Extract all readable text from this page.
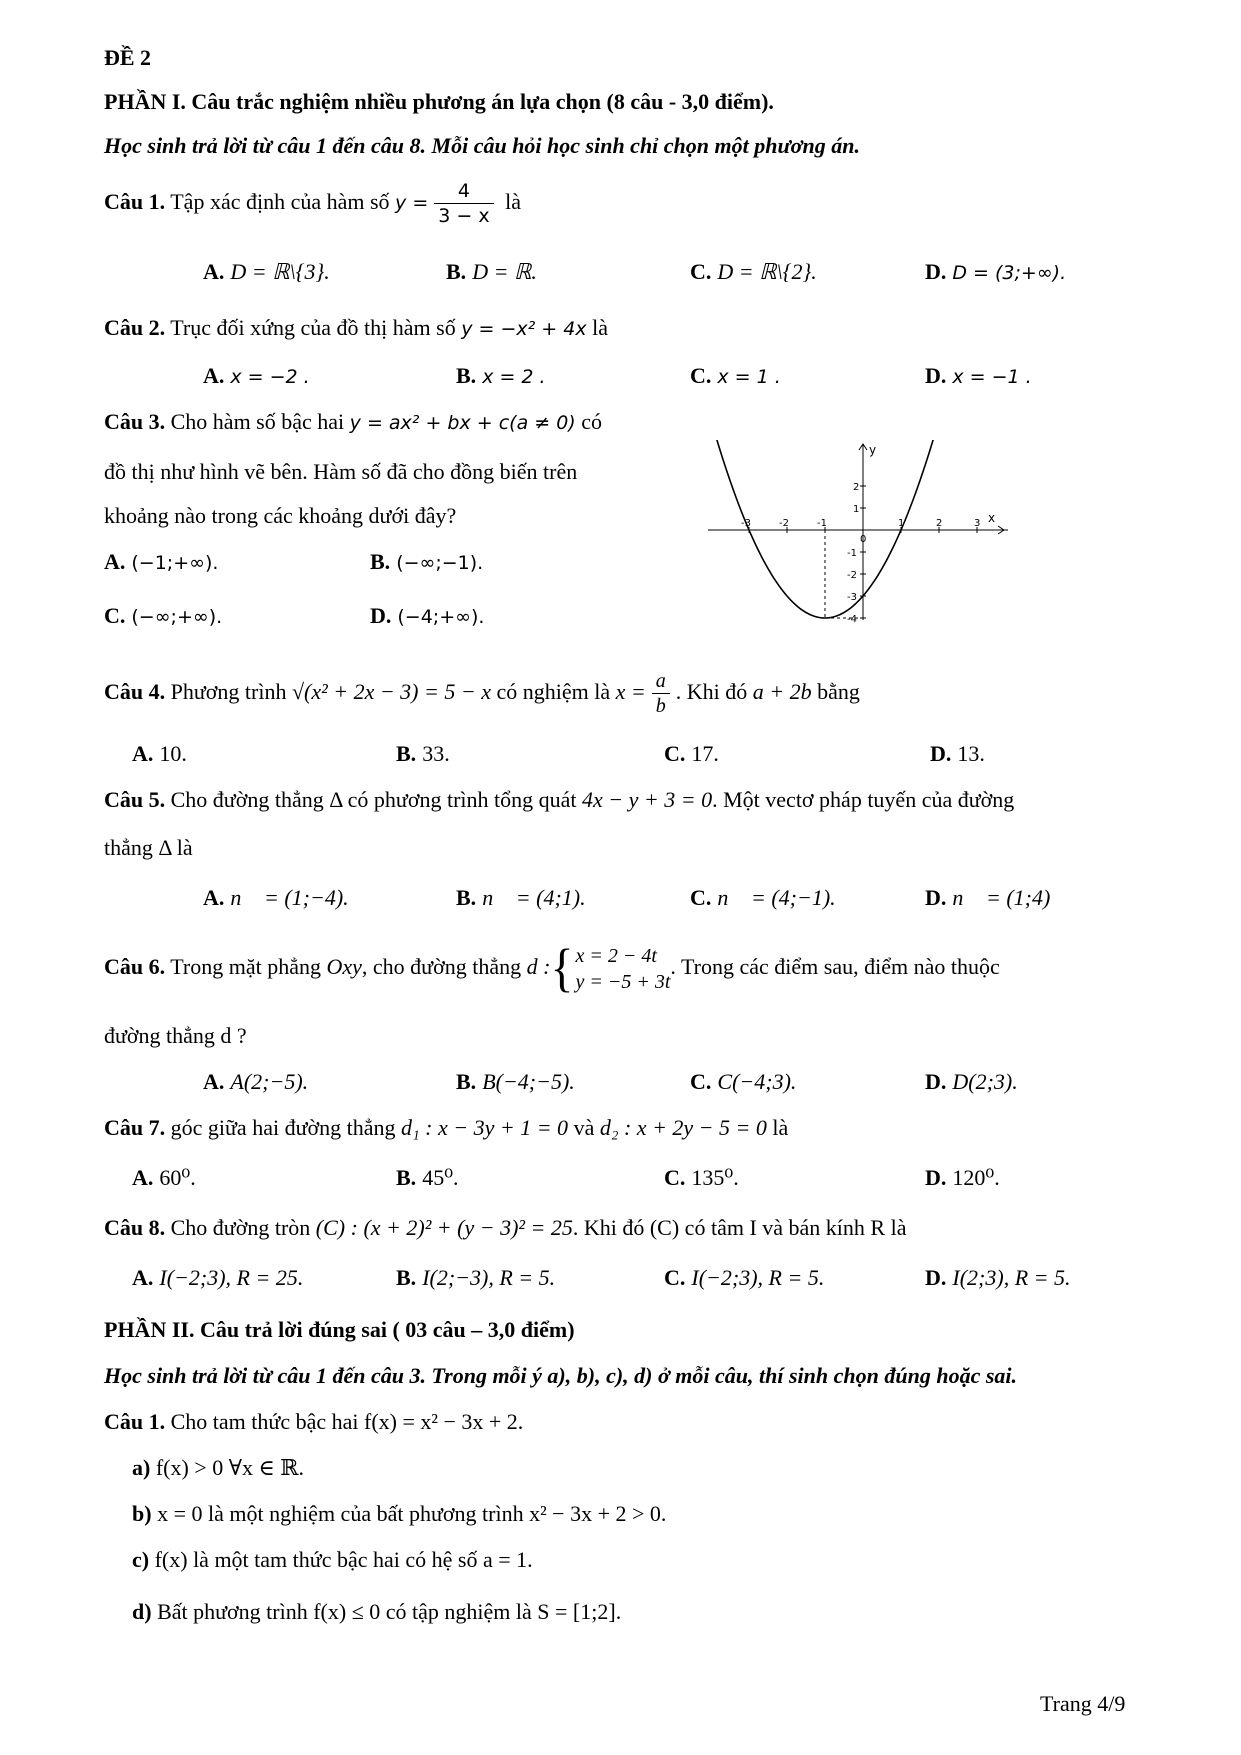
ĐỀ 2
PHẦN I. Câu trắc nghiệm nhiều phương án lựa chọn (8 câu - 3,0 điểm).
Học sinh trả lời từ câu 1 đến câu 8. Mỗi câu hỏi học sinh chỉ chọn một phương án.
Câu 1. Tập xác định của hàm số $y = \frac{4}{3 - x}$ là
A. D = ℝ\{3}.	B. D = ℝ.	C. D = ℝ\{2}.	D. D = (3;+∞).
Câu 2. Trục đối xứng của đồ thị hàm số y = −x² + 4x là
A. x = −2 .	B. x = 2 .	C. x = 1 .	D. x = −1 .
Câu 3. Cho hàm số bậc hai y = ax² + bx + c(a ≠ 0) có
đồ thị như hình vẽ bên. Hàm số đã cho đồng biến trên
khoảng nào trong các khoảng dưới đây?
A. (−1;+∞).	B. (−∞;−1).
C. (−∞;+∞).	D. (−4;+∞).
x
y
-3	-2	-1
0
1	2	3
2
1
-1
-2
-3
-4
Câu 4. Phương trình √(x² + 2x − 3) = 5 − x có nghiệm là $x = \frac{a}{b}$ . Khi đó a + 2b bằng
A. 10.	B. 33.	C. 17.	D. 13.
Câu 5. Cho đường thẳng Δ có phương trình tổng quát 4x − y + 3 = 0. Một vectơ pháp tuyến của đường
thẳng Δ là
A. n⃗ = (1;−4).	B. n⃗ = (4;1).	C. n⃗ = (4;−1).	D. n⃗ = (1;4)
Câu 6. Trong mặt phẳng Oxy, cho đường thẳng d :{ x = 2 − 4t
y = −5 + 3t
. Trong các điểm sau, điểm nào thuộc
đường thẳng d ?
A. A(2;−5).	B. B(−4;−5).	C. C(−4;3).	D. D(2;3).
Câu 7. góc giữa hai đường thẳng d₁ : x − 3y + 1 = 0 và d₂ : x + 2y − 5 = 0 là
A. 60⁰.	B. 45⁰.	C. 135⁰.	D. 120⁰.
Câu 8. Cho đường tròn (C) : (x + 2)² + (y − 3)² = 25. Khi đó (C) có tâm I và bán kính R là
A. I(−2;3), R = 25.	B. I(2;−3), R = 5.	C. I(−2;3), R = 5.	D. I(2;3), R = 5.
PHẦN II. Câu trả lời đúng sai ( 03 câu – 3,0 điểm)
Học sinh trả lời từ câu 1 đến câu 3. Trong mỗi ý a), b), c), d) ở mỗi câu, thí sinh chọn đúng hoặc sai.
Câu 1. Cho tam thức bậc hai f(x) = x² − 3x + 2.
a) f(x) > 0 ∀x ∈ ℝ.
b) x = 0 là một nghiệm của bất phương trình x² − 3x + 2 > 0.
c) f(x) là một tam thức bậc hai có hệ số a = 1.
d) Bất phương trình f(x) ≤ 0 có tập nghiệm là S = [1;2].
Trang 4/9
